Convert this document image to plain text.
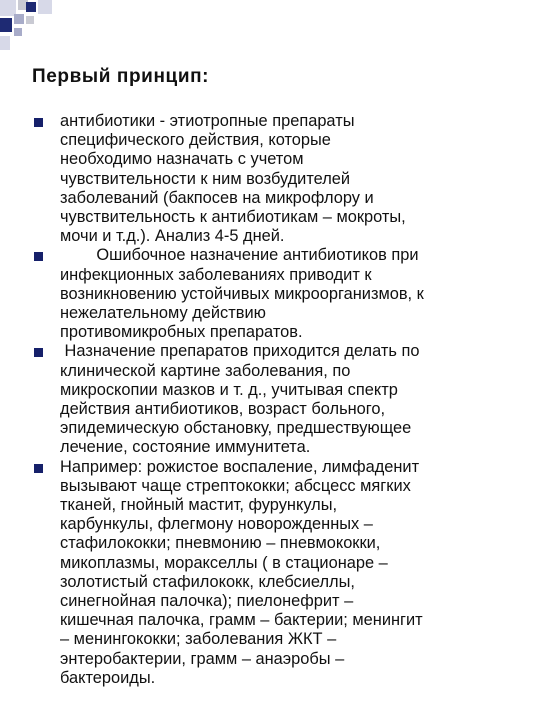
Первый принцип:
антибиотики - этиотропные препараты
специфического действия, которые
необходимо назначать с учетом
чувствительности к ним возбудителей
заболеваний (бакпосев на микрофлору и
чувствительность к антибиотикам – мокроты,
мочи и т.д.). Анализ 4-5 дней.
Ошибочное назначение антибиотиков при
инфекционных заболеваниях приводит к
возникновению устойчивых микроорганизмов, к
нежелательному действию
противомикробных препаратов.
Назначение препаратов приходится делать по
клинической картине заболевания, по
микроскопии мазков и т. д., учитывая спектр
действия антибиотиков, возраст больного,
эпидемическую обстановку, предшествующее
лечение, состояние иммунитета.
Например: рожистое воспаление, лимфаденит
вызывают чаще стрептококки; абсцесс мягких
тканей, гнойный мастит, фурункулы,
карбункулы, флегмону новорожденных –
стафилококки; пневмонию – пневмококки,
микоплазмы, моракселлы ( в стационаре –
золотистый стафилококк, клебсиеллы,
синегнойная палочка); пиелонефрит –
кишечная палочка, грамм – бактерии; менингит
– менингококки; заболевания ЖКТ –
энтеробактерии, грамм – анаэробы –
бактероиды.
